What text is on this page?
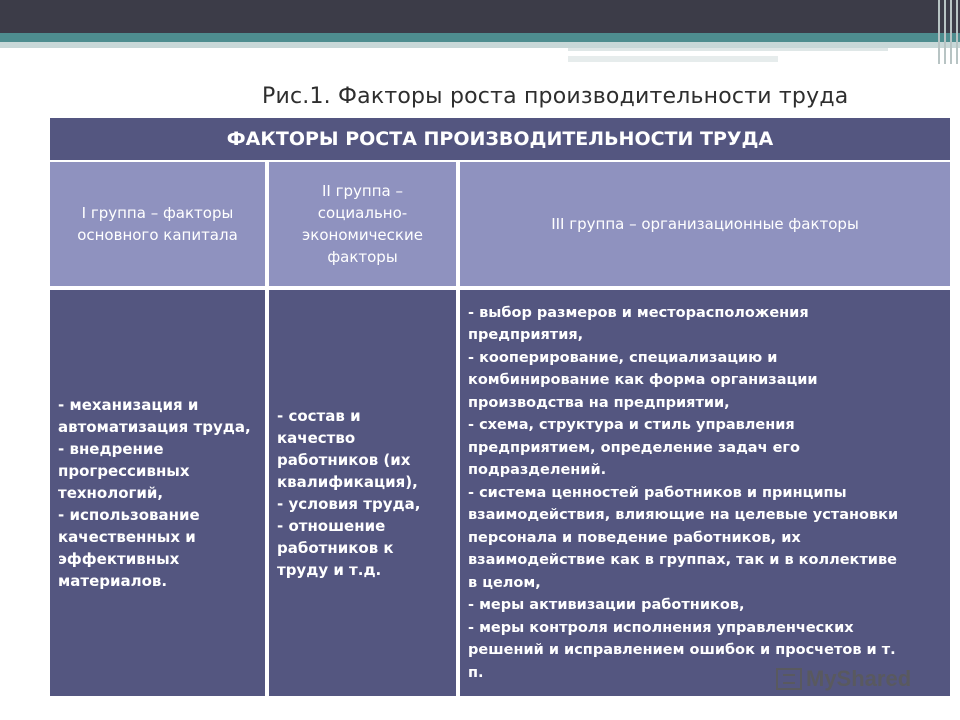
Рис.1. Факторы роста производительности труда
ФАКТОРЫ РОСТА ПРОИЗВОДИТЕЛЬНОСТИ ТРУДА
I группа – факторы основного капитала
II группа – социально-экономические факторы
III группа – организационные факторы
- механизация и
автоматизация труда,
- внедрение
прогрессивных
технологий,
- использование
качественных и
эффективных
материалов.
- состав и
качество
работников (их
квалификация),
- условия труда,
- отношение
работников к
труду и т.д.
- выбор размеров и месторасположения
предприятия,
- кооперирование, специализацию и
комбинирование как форма организации
производства на предприятии,
- схема, структура и стиль управления
предприятием, определение задач его
подразделений.
- система ценностей работников и принципы
взаимодействия, влияющие на целевые установки
персонала и поведение работников, их
взаимодействие как в группах, так и в коллективе
в целом,
- меры активизации работников,
- меры контроля исполнения управленческих
решений и исправлением ошибок и просчетов и т.
п.	MyShared
